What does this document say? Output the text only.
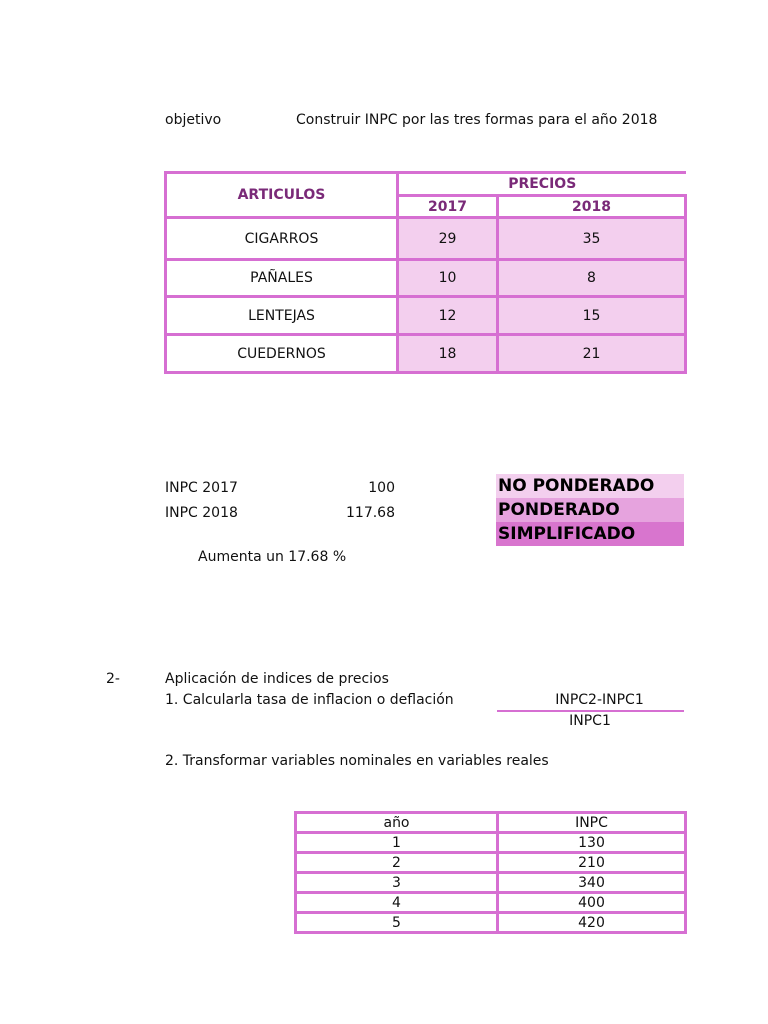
objetivo	Construir INPC por las tres formas para el año 2018
ARTICULOS	PRECIOS	
	2017	2018
CIGARROS	29	35
PAÑALES	10	8
LENTEJAS	12	15
CUEDERNOS	18	21
INPC 2017	100
INPC 2018	117.68
Aumenta un 17.68 %
NO PONDERADO
PONDERADO
SIMPLIFICADO
2-	Aplicación de indices de precios
1. Calcularla tasa de inflacion o deflación	INPC2-INPC1
INPC1
2. Transformar variables nominales en variables reales
año	INPC
1	130
2	210
3	340
4	400
5	420
